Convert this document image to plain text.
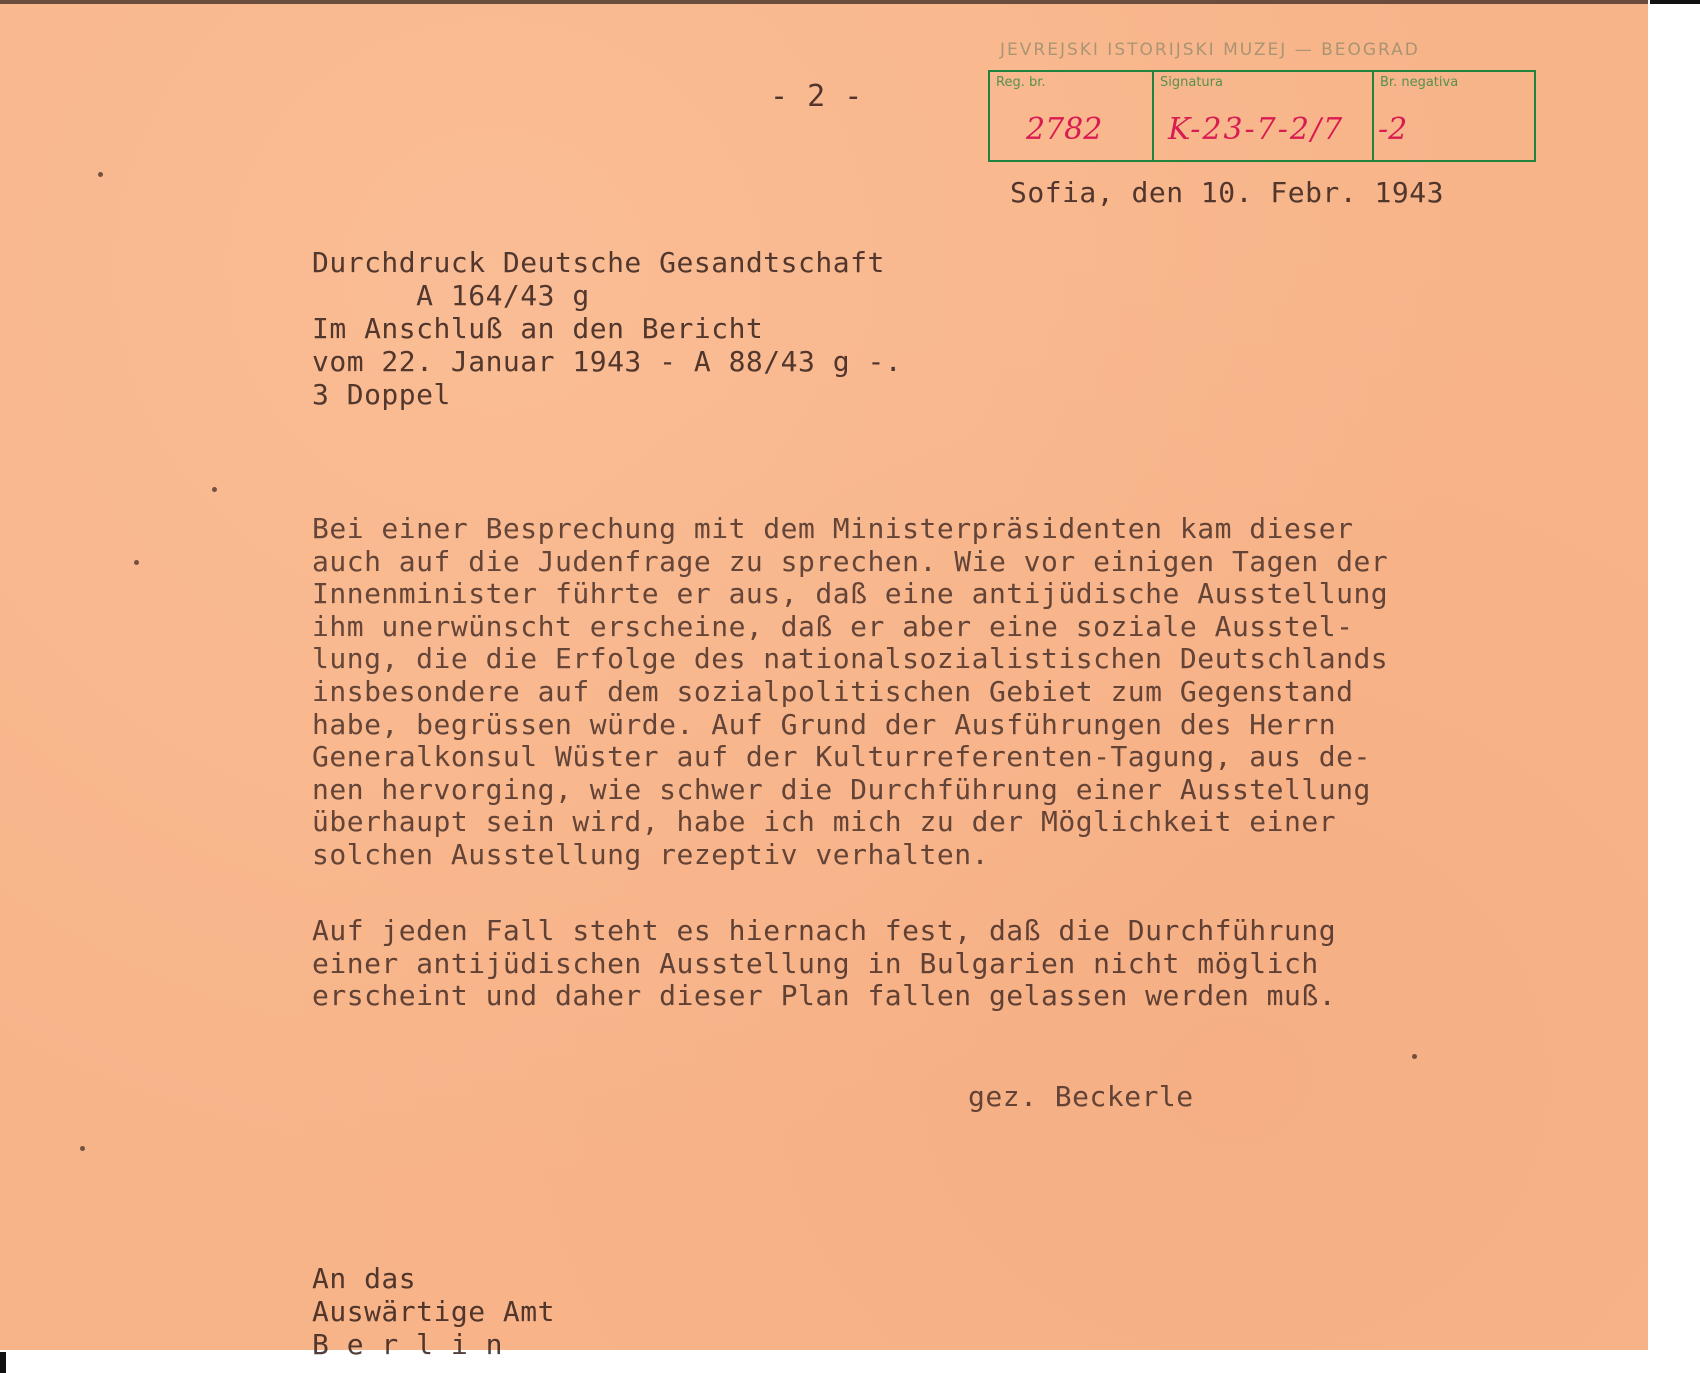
- 2 -
JEVREJSKI ISTORIJSKI MUZEJ — BEOGRAD
Reg. br.
2782
Signatura
K-23-7-2/7
Br. negativa
-2
Sofia, den 10. Febr. 1943
Durchdruck Deutsche Gesandtschaft
A 164/43 g
Im Anschluß an den Bericht
vom 22. Januar 1943 - A 88/43 g -.
3 Doppel
Bei einer Besprechung mit dem Ministerpräsidenten kam dieser
auch auf die Judenfrage zu sprechen. Wie vor einigen Tagen der
Innenminister führte er aus, daß eine antijüdische Ausstellung
ihm unerwünscht erscheine, daß er aber eine soziale Ausstel-
lung, die die Erfolge des nationalsozialistischen Deutschlands
insbesondere auf dem sozialpolitischen Gebiet zum Gegenstand
habe, begrüssen würde. Auf Grund der Ausführungen des Herrn
Generalkonsul Wüster auf der Kulturreferenten-Tagung, aus de-
nen hervorging, wie schwer die Durchführung einer Ausstellung
überhaupt sein wird, habe ich mich zu der Möglichkeit einer
solchen Ausstellung rezeptiv verhalten.
Auf jeden Fall steht es hiernach fest, daß die Durchführung
einer antijüdischen Ausstellung in Bulgarien nicht möglich
erscheint und daher dieser Plan fallen gelassen werden muß.
gez. Beckerle
An das
Auswärtige Amt
B e r l i n
